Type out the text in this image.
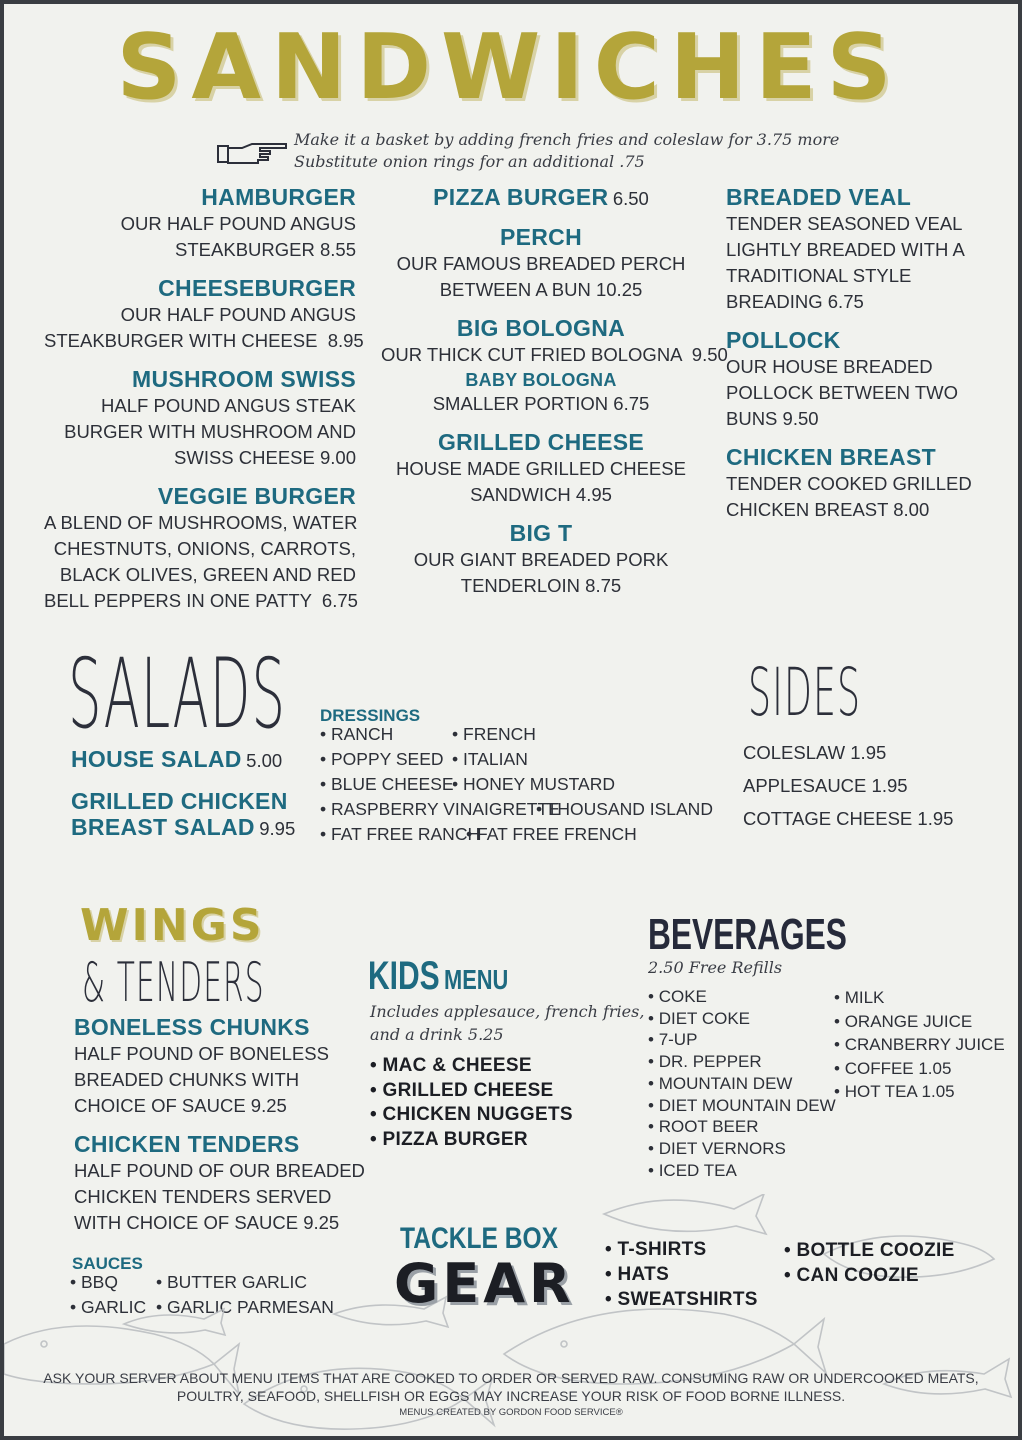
SANDWICHES
Make it a basket by adding french fries and coleslaw for 3.75 more
Substitute onion rings for an additional .75
HAMBURGER
OUR HALF POUND ANGUS
STEAKBURGER 8.55
CHEESEBURGER
OUR HALF POUND ANGUS
STEAKBURGER WITH CHEESE  8.95
MUSHROOM SWISS
HALF POUND ANGUS STEAK
BURGER WITH MUSHROOM AND
SWISS CHEESE 9.00
VEGGIE BURGER
A BLEND OF MUSHROOMS, WATER
CHESTNUTS, ONIONS, CARROTS,
BLACK OLIVES, GREEN AND RED
BELL PEPPERS IN ONE PATTY  6.75
PIZZA BURGER 6.50
PERCH
OUR FAMOUS BREADED PERCH
BETWEEN A BUN 10.25
BIG BOLOGNA
OUR THICK CUT FRIED BOLOGNA  9.50
BABY BOLOGNA
SMALLER PORTION 6.75
GRILLED CHEESE
HOUSE MADE GRILLED CHEESE
SANDWICH 4.95
BIG T
OUR GIANT BREADED PORK
TENDERLOIN 8.75
BREADED VEAL
TENDER SEASONED VEAL
LIGHTLY BREADED WITH A
TRADITIONAL STYLE
BREADING 6.75
POLLOCK
OUR HOUSE BREADED
POLLOCK BETWEEN TWO
BUNS 9.50
CHICKEN BREAST
TENDER COOKED GRILLED
CHICKEN BREAST 8.00
SALADS
HOUSE SALAD 5.00
GRILLED CHICKEN
BREAST SALAD 9.95
DRESSINGS
• RANCH
• POPPY SEED
• BLUE CHEESE
• RASPBERRY VINAIGRETTE
• FAT FREE RANCH
• FRENCH
• ITALIAN
• HONEY MUSTARD
• THOUSAND ISLAND
• FAT FREE FRENCH
SIDES
COLESLAW 1.95
APPLESAUCE 1.95
COTTAGE CHEESE 1.95
WINGS
& TENDERS
BONELESS CHUNKS
HALF POUND OF BONELESS
BREADED CHUNKS WITH
CHOICE OF SAUCE 9.25
CHICKEN TENDERS
HALF POUND OF OUR BREADED
CHICKEN TENDERS SERVED
WITH CHOICE OF SAUCE 9.25
SAUCES
• BBQ
• GARLIC
• BUTTER GARLIC
• GARLIC PARMESAN
KIDS MENU
Includes applesauce, french fries,
and a drink 5.25
• MAC & CHEESE
• GRILLED CHEESE
• CHICKEN NUGGETS
• PIZZA BURGER
BEVERAGES
2.50 Free Refills
• COKE
• DIET COKE
• 7-UP
• DR. PEPPER
• MOUNTAIN DEW
• DIET MOUNTAIN DEW
• ROOT BEER
• DIET VERNORS
• ICED TEA
• MILK
• ORANGE JUICE
• CRANBERRY JUICE
• COFFEE 1.05
• HOT TEA 1.05
TACKLE BOX
GEAR
• T-SHIRTS
• HATS
• SWEATSHIRTS
• BOTTLE COOZIE
• CAN COOZIE
ASK YOUR SERVER ABOUT MENU ITEMS THAT ARE COOKED TO ORDER OR SERVED RAW. CONSUMING RAW OR UNDERCOOKED MEATS,
POULTRY, SEAFOOD, SHELLFISH OR EGGS MAY INCREASE YOUR RISK OF FOOD BORNE ILLNESS.
MENUS CREATED BY GORDON FOOD SERVICE®
